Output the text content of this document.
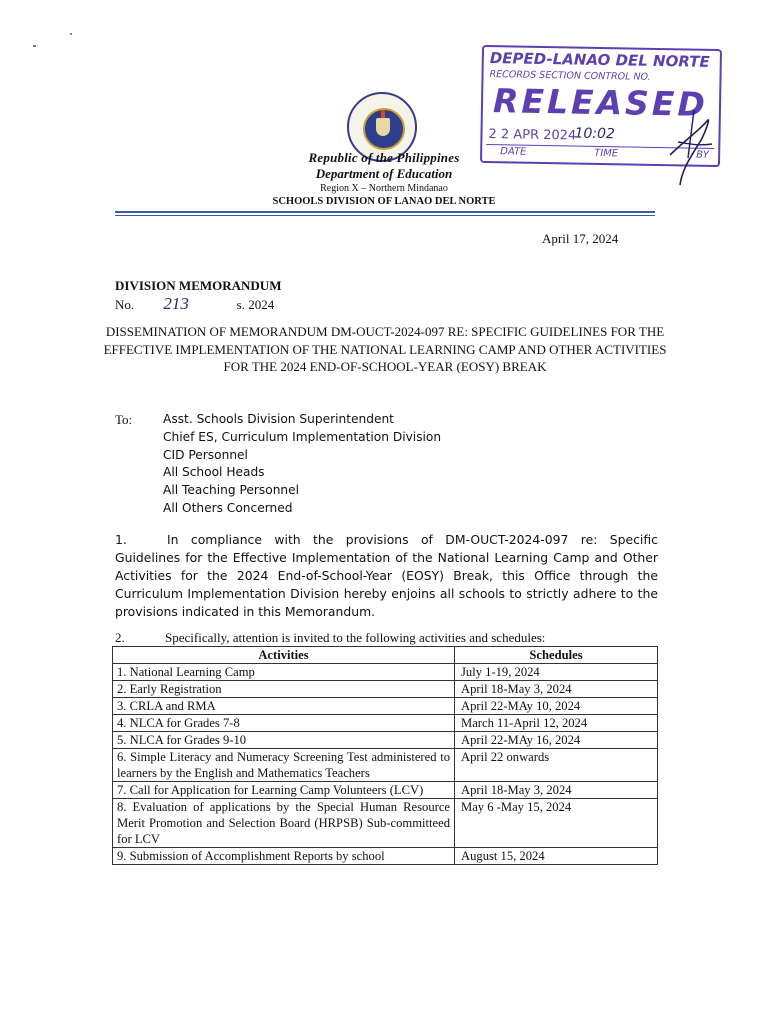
Republic of the Philippines
Department of Education
Region X – Northern Mindanao
SCHOOLS DIVISION OF LANAO DEL NORTE
DEPED-LANAO DEL NORTE
RECORDS SECTION CONTROL NO.
RELEASED
2 2 APR 2024
10:02
DATE	TIME	BY
April 17, 2024
DIVISION MEMORANDUM
No. 213	s. 2024
DISSEMINATION OF MEMORANDUM DM-OUCT-2024-097 RE: SPECIFIC GUIDELINES FOR THE EFFECTIVE IMPLEMENTATION OF THE NATIONAL LEARNING CAMP AND OTHER ACTIVITIES FOR THE 2024 END-OF-SCHOOL-YEAR (EOSY) BREAK
To:	Asst. Schools Division Superintendent
Chief ES, Curriculum Implementation Division
CID Personnel
All School Heads
All Teaching Personnel
All Others Concerned
1.	In compliance with the provisions of DM-OUCT-2024-097 re: Specific Guidelines for the Effective Implementation of the National Learning Camp and Other Activities for the 2024 End-of-School-Year (EOSY) Break, this Office through the Curriculum Implementation Division hereby enjoins all schools to strictly adhere to the provisions indicated in this Memorandum.
2.	Specifically, attention is invited to the following activities and schedules:
Activities	Schedules
1. National Learning Camp	July 1-19, 2024
2. Early Registration	April 18-May 3, 2024
3. CRLA and RMA	April 22-MAy 10, 2024
4. NLCA for Grades 7-8	March 11-April 12, 2024
5. NLCA for Grades 9-10	April 22-MAy 16, 2024
6. Simple Literacy and Numeracy Screening Test administered to learners by the English and Mathematics Teachers	April 22 onwards
7. Call for Application for Learning Camp Volunteers (LCV)	April 18-May 3, 2024
8. Evaluation of applications by the Special Human Resource Merit Promotion and Selection Board (HRPSB) Sub-committeed for LCV	May 6 -May 15, 2024
9. Submission of Accomplishment Reports by school	August 15, 2024
